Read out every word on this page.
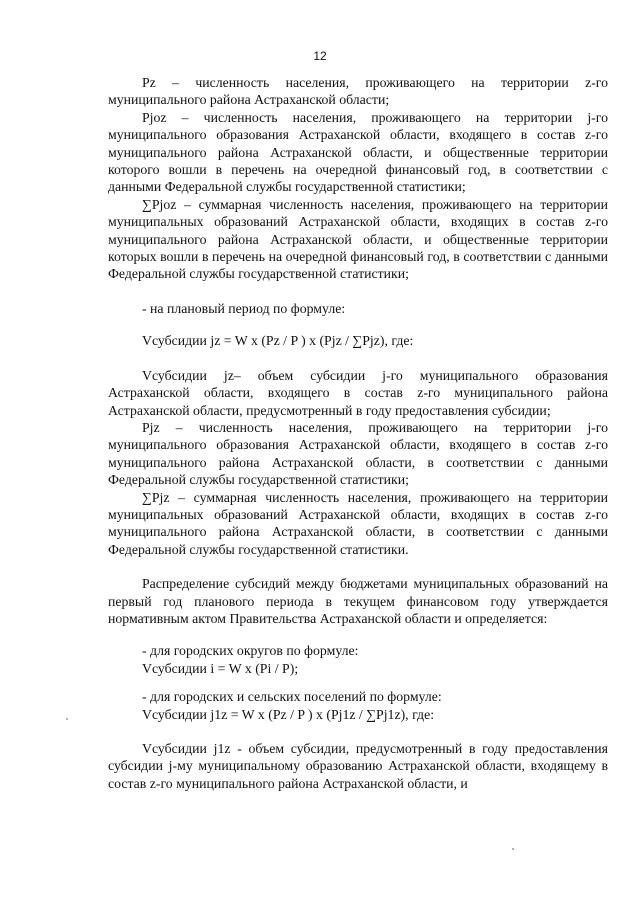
12

Pz – численность населения, проживающего на территории z-го муниципального района Астраханской области;

Pjoz – численность населения, проживающего на территории j-го муниципального образования Астраханской области, входящего в состав z-го муниципального района Астраханской области, и общественные территории которого вошли в перечень на очередной финансовый год, в соответствии с данными Федеральной службы государственной статистики;

∑Pjoz – суммарная численность населения, проживающего на территории муниципальных образований Астраханской области, входящих в состав z-го муниципального района Астраханской области, и общественные территории которых вошли в перечень на очередной финансовый год, в соответствии с данными Федеральной службы государственной статистики;

- на плановый период по формуле:

Vсубсидии jz = W x (Pz / P ) x (Pjz / ∑Pjz), где:

Vсубсидии jz– объем субсидии j-го муниципального образования Астраханской области, входящего в состав z-го муниципального района Астраханской области, предусмотренный в году предоставления субсидии;

Pjz – численность населения, проживающего на территории j-го муниципального образования Астраханской области, входящего в состав z-го муниципального района Астраханской области, в соответствии с данными Федеральной службы государственной статистики;

∑Pjz – суммарная численность населения, проживающего на территории муниципальных образований Астраханской области, входящих в состав z-го муниципального района Астраханской области, в соответствии с данными Федеральной службы государственной статистики.

Распределение субсидий между бюджетами муниципальных образований на первый год планового периода в текущем финансовом году утверждается нормативным актом Правительства Астраханской области и определяется:

- для городских округов по формуле:

Vсубсидии i = W x (Pi / P);

- для городских и сельских поселений по формуле:

Vсубсидии j1z = W x (Pz / P ) x (Pj1z / ∑Pj1z), где:

Vсубсидии j1z - объем субсидии, предусмотренный в году предоставления субсидии j-му муниципальному образованию Астраханской области, входящему в состав z-го муниципального района Астраханской области, и
